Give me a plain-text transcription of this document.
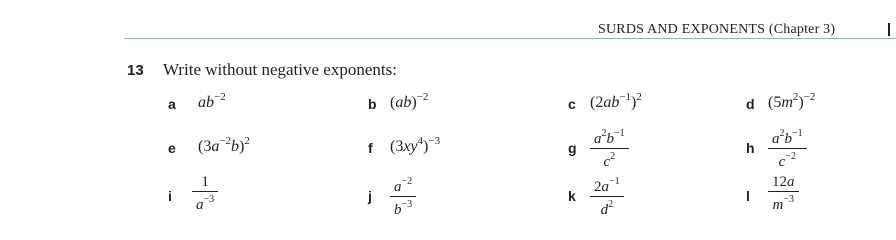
SURDS AND EXPONENTS (Chapter 3)
13 Write without negative exponents:
a $ab^{-2}$	b (ab)$^{-2}$	c $(2ab^{-1})^2$	d $(5m^2)^{-2}$
e $(3a^{-2}b)^2$	f $(3xy^4)^{-3}$	g $\frac{a^2b^{-1}}{c^2}$	h $\frac{a^2b^{-1}}{c^{-2}}$
i $\frac{1}{a^{-3}}$	j $\frac{a^{-2}}{b^{-3}}$	k $\frac{2a^{-1}}{d^2}$	l $\frac{12a}{m^{-3}}$
